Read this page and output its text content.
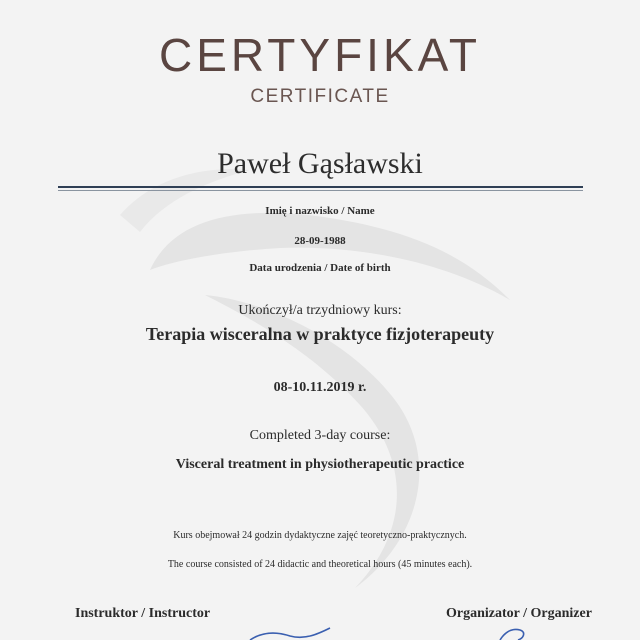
CERTYFIKAT
CERTIFICATE
Paweł Gąsławski
Imię i nazwisko / Name
28-09-1988
Data urodzenia / Date of birth
Ukończył/a trzydniowy kurs:
Terapia wisceralna w praktyce fizjoterapeuty
08-10.11.2019 r.
Completed 3-day course:
Visceral treatment in physiotherapeutic practice
Kurs obejmował 24 godzin dydaktyczne zajęć teoretyczno-praktycznych.
The course consisted of 24 didactic and theoretical hours (45 minutes each).
Instruktor / Instructor	Organizator / Organizer
